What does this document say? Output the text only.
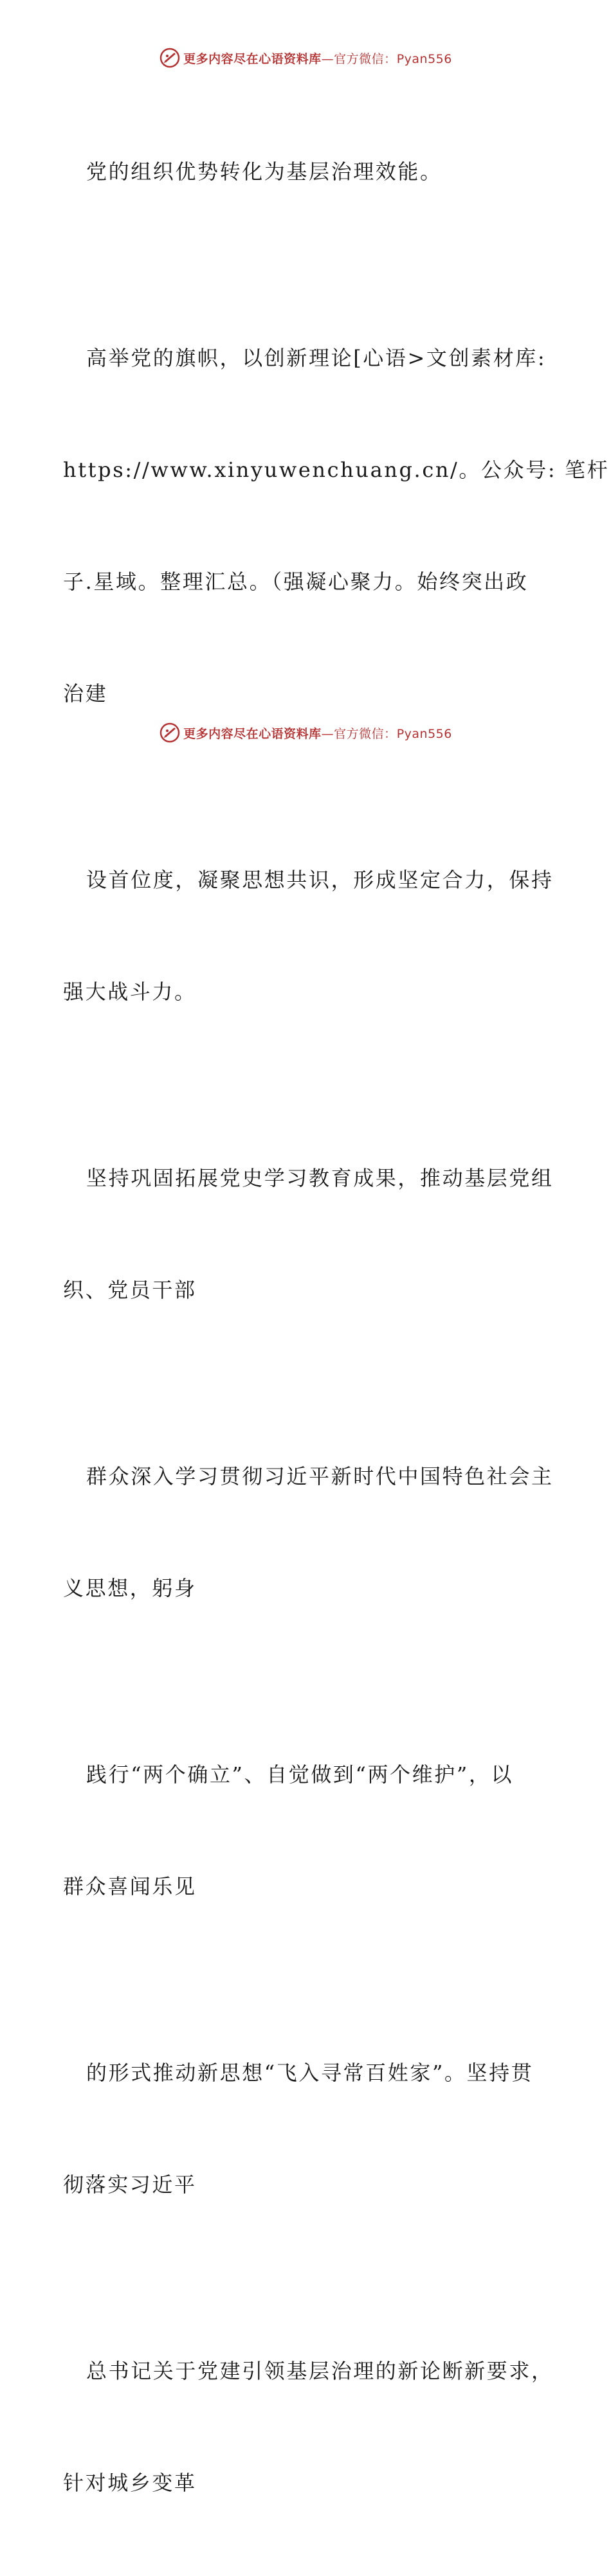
更多内容尽在心语资料库—官方微信：Pyan556

党的组织优势转化为基层治理效能。

高举党的旗帜，以创新理论[心语>文创素材库:

https://www.xinyuwenchuang.cn/。公众号: 笔杆

子.星域。整理汇总。（强凝心聚力。始终突出政

治建

设首位度，凝聚思想共识，形成坚定合力，保持

强大战斗力。

坚持巩固拓展党史学习教育成果，推动基层党组

织、党员干部

群众深入学习贯彻习近平新时代中国特色社会主

义思想，躬身

践行“两个确立”、自觉做到“两个维护”，以

群众喜闻乐见

的形式推动新思想“飞入寻常百姓家”。坚持贯

彻落实习近平

总书记关于党建引领基层治理的新论断新要求，

针对城乡变革

更多内容尽在心语资料库—官方微信：Pyan556
